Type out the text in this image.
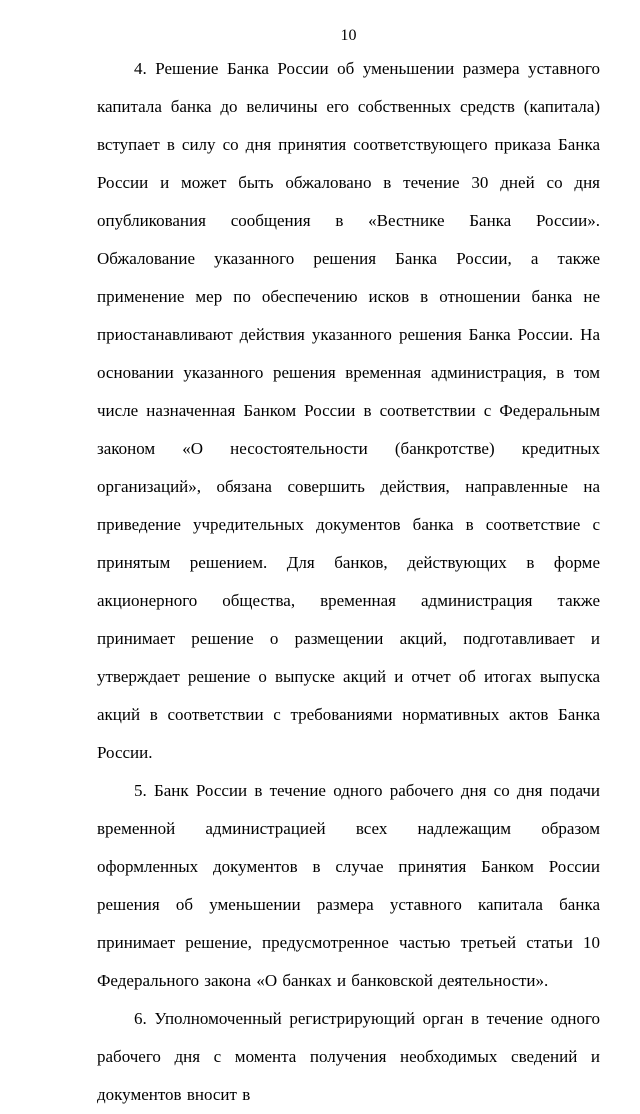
10

4. Решение Банка России об уменьшении размера уставного капитала банка до величины его собственных средств (капитала) вступает в силу со дня принятия соответствующего приказа Банка России и может быть обжаловано в течение 30 дней со дня опубликования сообщения в «Вестнике Банка России». Обжалование указанного решения Банка России, а также применение мер по обеспечению исков в отношении банка не приостанавливают действия указанного решения Банка России. На основании указанного решения временная администрация, в том числе назначенная Банком России в соответствии с Федеральным законом «О несостоятельности (банкротстве) кредитных организаций», обязана совершить действия, направленные на приведение учредительных документов банка в соответствие с принятым решением. Для банков, действующих в форме акционерного общества, временная администрация также принимает решение о размещении акций, подготавливает и утверждает решение о выпуске акций и отчет об итогах выпуска акций в соответствии с требованиями нормативных актов Банка России.

5. Банк России в течение одного рабочего дня со дня подачи временной администрацией всех надлежащим образом оформленных документов в случае принятия Банком России решения об уменьшении размера уставного капитала банка принимает решение, предусмотренное частью третьей статьи 10 Федерального закона «О банках и банковской деятельности».

6. Уполномоченный регистрирующий орган в течение одного рабочего дня с момента получения необходимых сведений и документов вносит в
